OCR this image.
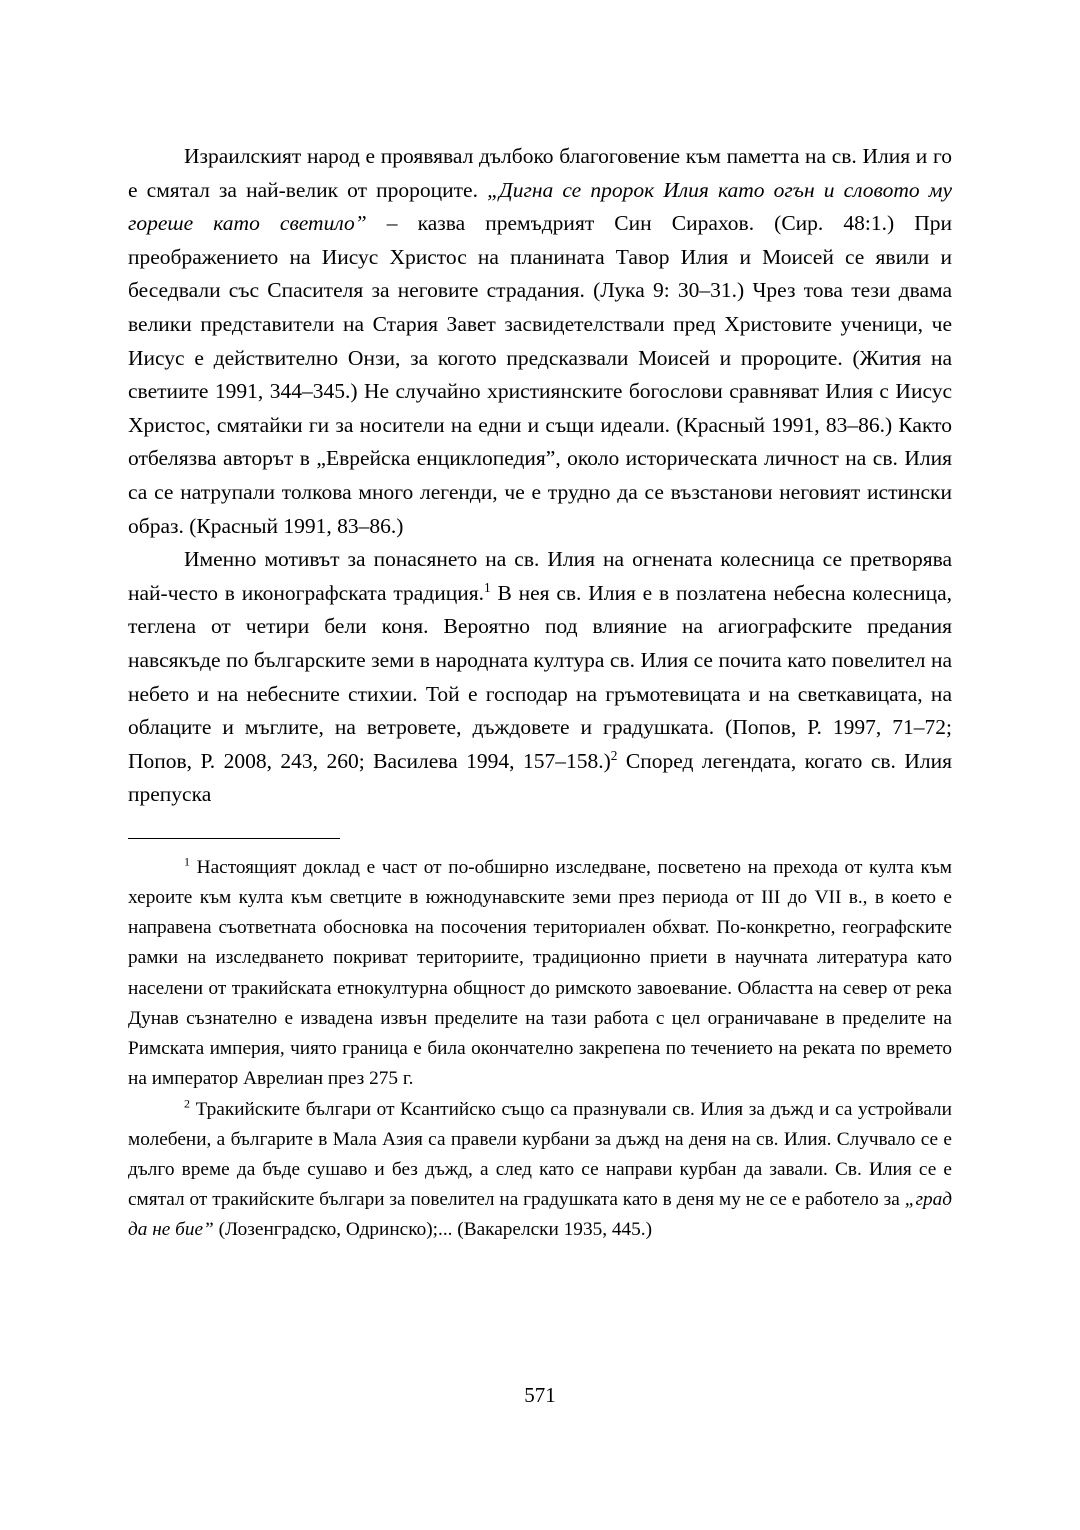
Израилският народ е проявявал дълбоко благоговение към паметта на св. Илия и го е смятал за най-велик от пророците. „Дигна се пророк Илия като огън и словото му гореше като светило” – казва премъдрият Син Сирахов. (Сир. 48:1.) При преображението на Иисус Христос на планината Тавор Илия и Моисей се явили и беседвали със Спасителя за неговите страдания. (Лука 9: 30–31.) Чрез това тези двама велики представители на Стария Завет засвидетелствали пред Христовите ученици, че Иисус е действително Онзи, за когото предсказвали Моисей и пророците. (Жития на светиите 1991, 344–345.) Не случайно християнските богослови сравняват Илия с Иисус Христос, смятайки ги за носители на едни и същи идеали. (Красный 1991, 83–86.) Както отбелязва авторът в „Еврейска енциклопедия”, около историческата личност на св. Илия са се натрупали толкова много легенди, че е трудно да се възстанови неговият истински образ. (Красный 1991, 83–86.)

Именно мотивът за понасянето на св. Илия на огнената колесница се претворява най-често в иконографската традиция.$^1$ В нея св. Илия е в позлатена небесна колесница, теглена от четири бели коня. Вероятно под влияние на агиографските предания навсякъде по българските земи в народната култура св. Илия се почита като повелител на небето и на небесните стихии. Той е господар на гръмотевицата и на светкавицата, на облаците и мъглите, на ветровете, дъждовете и градушката. (Попов, Р. 1997, 71–72; Попов, Р. 2008, 243, 260; Василева 1994, 157–158.)$^2$ Според легендата, когато св. Илия препуска

$^1$ Настоящият доклад е част от по-обширно изследване, посветено на прехода от култа към хероите към култа към светците в южнодунавските земи през периода от III до VII в., в което е направена съответната обосновка на посочения териториален обхват. По-конкретно, географските рамки на изследването покриват териториите, традиционно приети в научната литература като населени от тракийската етнокултурна общност до римското завоевание. Областта на север от река Дунав съзнателно е извадена извън пределите на тази работа с цел ограничаване в пределите на Римската империя, чиято граница е била окончателно закрепена по течението на реката по времето на император Аврелиан през 275 г.

$^2$ Тракийските българи от Ксантийско също са празнували св. Илия за дъжд и са устройвали молебени, а българите в Мала Азия са правели курбани за дъжд на деня на св. Илия. Случвало се е дълго време да бъде сушаво и без дъжд, а след като се направи курбан да завали. Св. Илия се е смятал от тракийските българи за повелител на градушката като в деня му не се е работело за „град да не бие” (Лозенградско, Одринско);... (Вакарелски 1935, 445.)

571
